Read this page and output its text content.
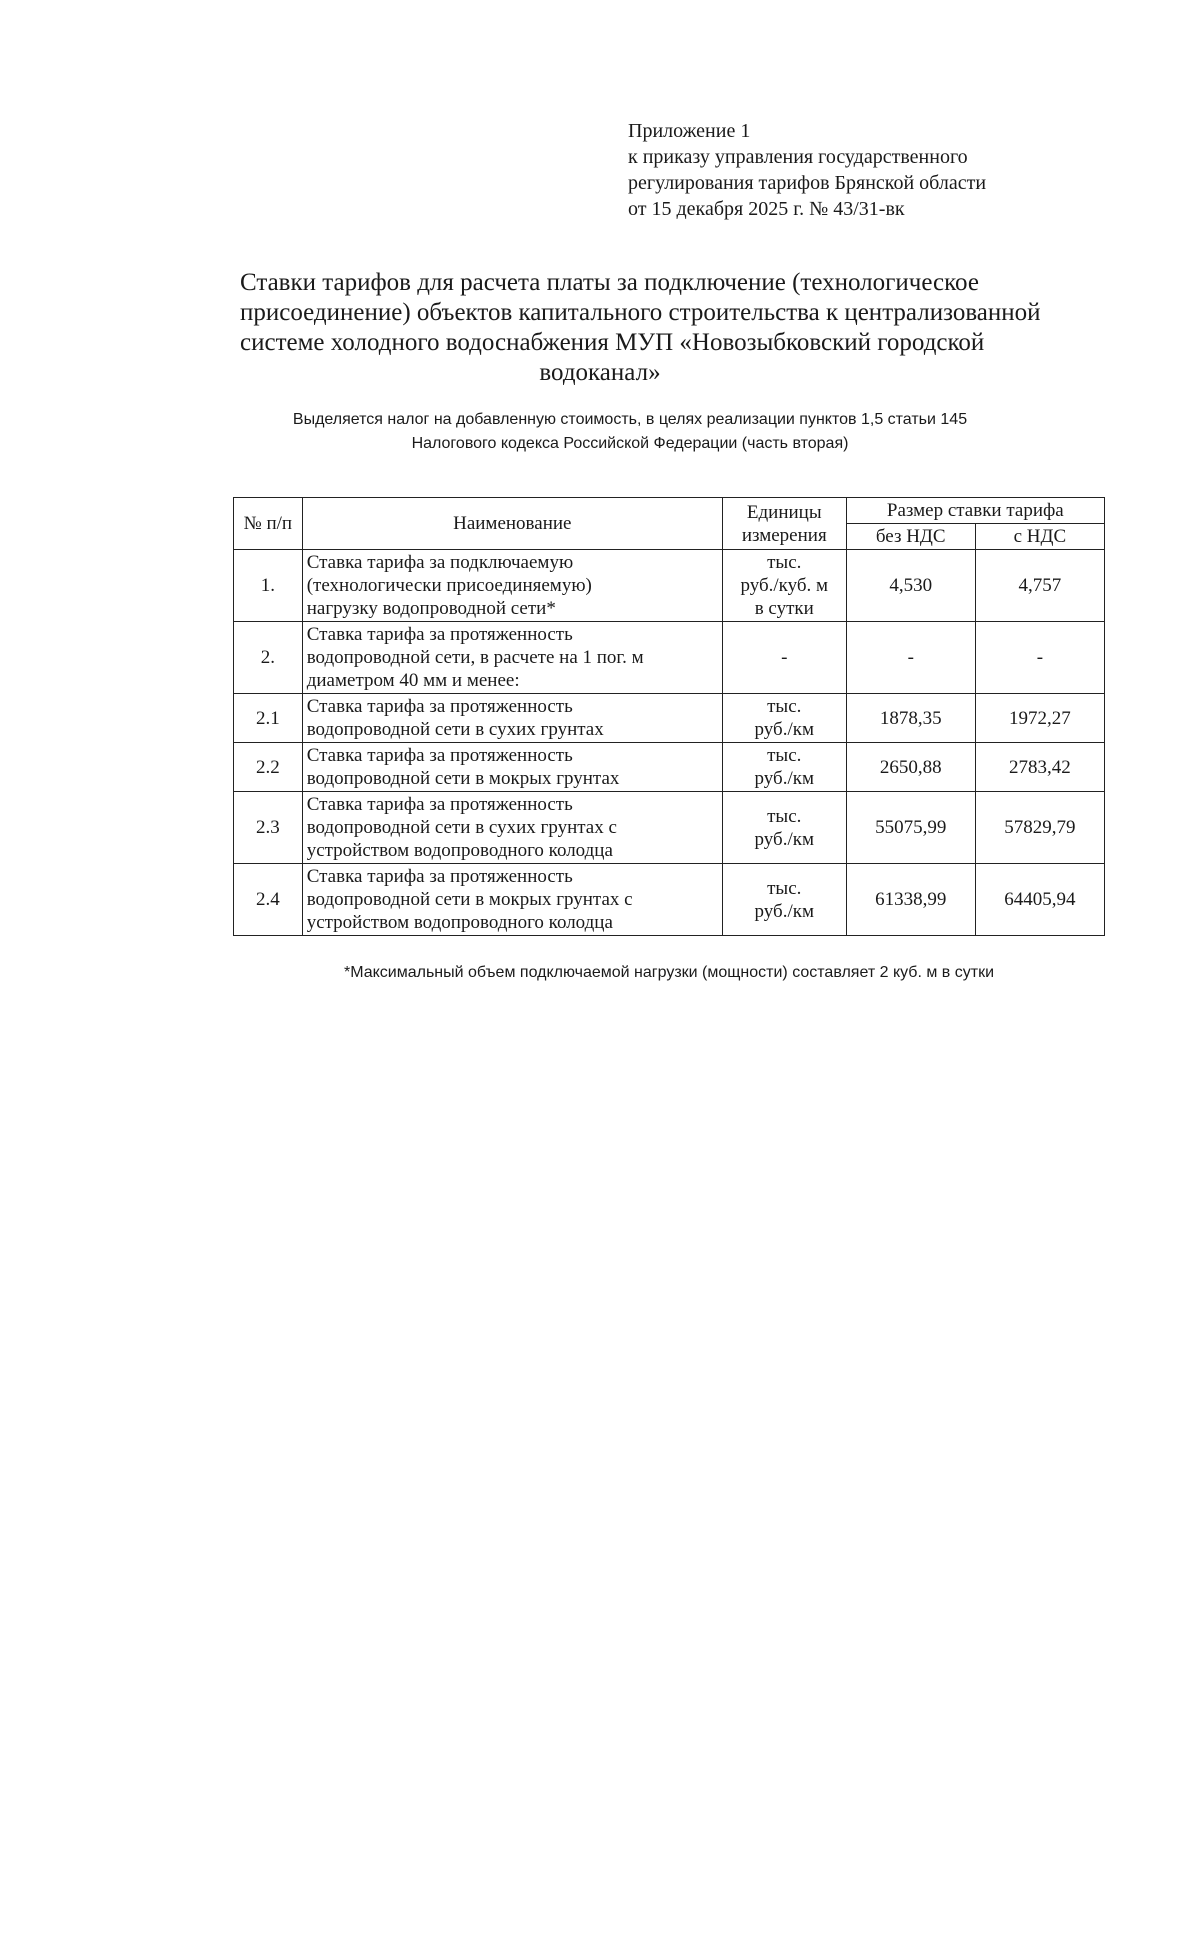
Приложение 1
к приказу управления государственного
регулирования тарифов Брянской области
от 15 декабря 2025 г. № 43/31-вк
Ставки тарифов для расчета платы за подключение (технологическое
присоединение) объектов капитального строительства к централизованной
системе холодного водоснабжения МУП «Новозыбковский городской
водоканал»
Выделяется налог на добавленную стоимость, в целях реализации пунктов 1,5 статьи 145
Налогового кодекса Российской Федерации (часть вторая)
№ п/п	Наименование	Единицы измерения	Размер ставки тарифа	
			без НДС	с НДС
1.	Ставка тарифа за подключаемую
(технологически присоединяемую)
нагрузку водопроводной сети*	тыс.
руб./куб. м
в сутки	4,530	4,757
2.	Ставка тарифа за протяженность
водопроводной сети, в расчете на 1 пог. м
диаметром 40 мм и менее:	-	-	-
2.1	Ставка тарифа за протяженность
водопроводной сети в сухих грунтах	тыс.
руб./км	1878,35	1972,27
2.2	Ставка тарифа за протяженность
водопроводной сети в мокрых грунтах	тыс.
руб./км	2650,88	2783,42
2.3	Ставка тарифа за протяженность
водопроводной сети в сухих грунтах с
устройством водопроводного колодца	тыс.
руб./км	55075,99	57829,79
2.4	Ставка тарифа за протяженность
водопроводной сети в мокрых грунтах с
устройством водопроводного колодца	тыс.
руб./км	61338,99	64405,94
*Максимальный объем подключаемой нагрузки (мощности) составляет 2 куб. м в сутки
